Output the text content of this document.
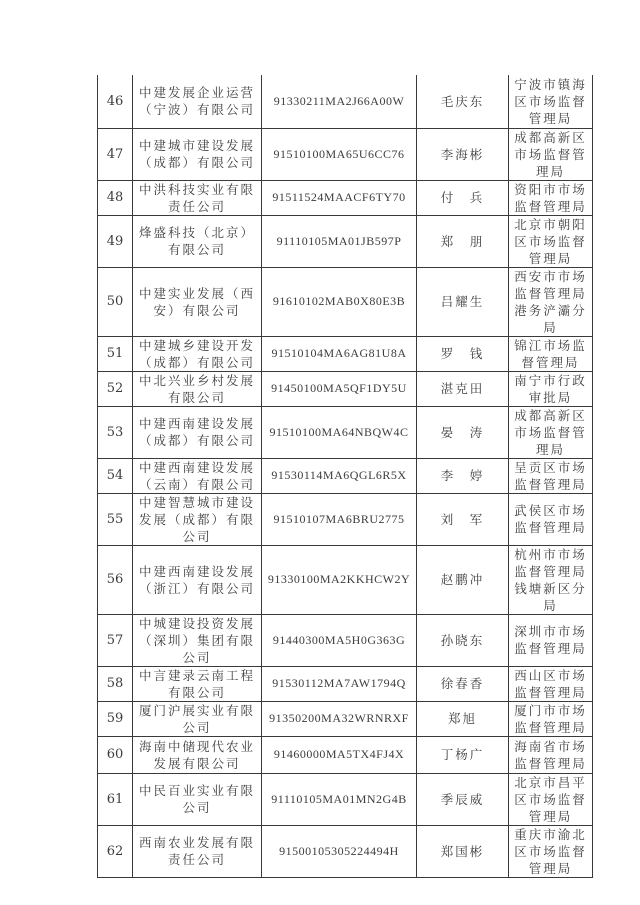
46	中建发展企业运营（宁波）有限公司	91330211MA2J66A00W	毛庆东	宁波市镇海区市场监督管理局

47	中建城市建设发展（成都）有限公司	91510100MA65U6CC76	李海彬	成都高新区市场监督管理局

48	中洪科技实业有限责任公司	91511524MAACF6TY70	付　兵	资阳市市场监督管理局

49	烽盛科技（北京）有限公司	91110105MA01JB597P	郑　朋	北京市朝阳区市场监督管理局

50	中建实业发展（西安）有限公司	91610102MAB0X80E3B	吕耀生	西安市市场监督管理局港务浐灞分局

51	中建城乡建设开发（成都）有限公司	91510104MA6AG81U8A	罗　钱	锦江市场监督管理局

52	中北兴业乡村发展有限公司	91450100MA5QF1DY5U	湛克田	南宁市行政审批局

53	中建西南建设发展（成都）有限公司	91510100MA64NBQW4C	晏　涛	成都高新区市场监督管理局

54	中建西南建设发展（云南）有限公司	91530114MA6QGL6R5X	李　婷	呈贡区市场监督管理局

55	中建智慧城市建设发展（成都）有限公司	91510107MA6BRU2775	刘　军	武侯区市场监督管理局

56	中建西南建设发展（浙江）有限公司	91330100MA2KKHCW2Y	赵鹏冲	杭州市市场监督管理局钱塘新区分局

57	中城建设投资发展（深圳）集团有限公司	91440300MA5H0G363G	孙晓东	深圳市市场监督管理局

58	中言建录云南工程有限公司	91530112MA7AW1794Q	徐春香	西山区市场监督管理局

59	厦门沪展实业有限公司	91350200MA32WRNRXF	郑旭	厦门市市场监督管理局

60	海南中储现代农业发展有限公司	91460000MA5TX4FJ4X	丁杨广	海南省市场监督管理局

61	中民百业实业有限公司	91110105MA01MN2G4B	季辰威	北京市昌平区市场监督管理局

62	西南农业发展有限责任公司	91500105305224494H	郑国彬	重庆市渝北区市场监督管理局
